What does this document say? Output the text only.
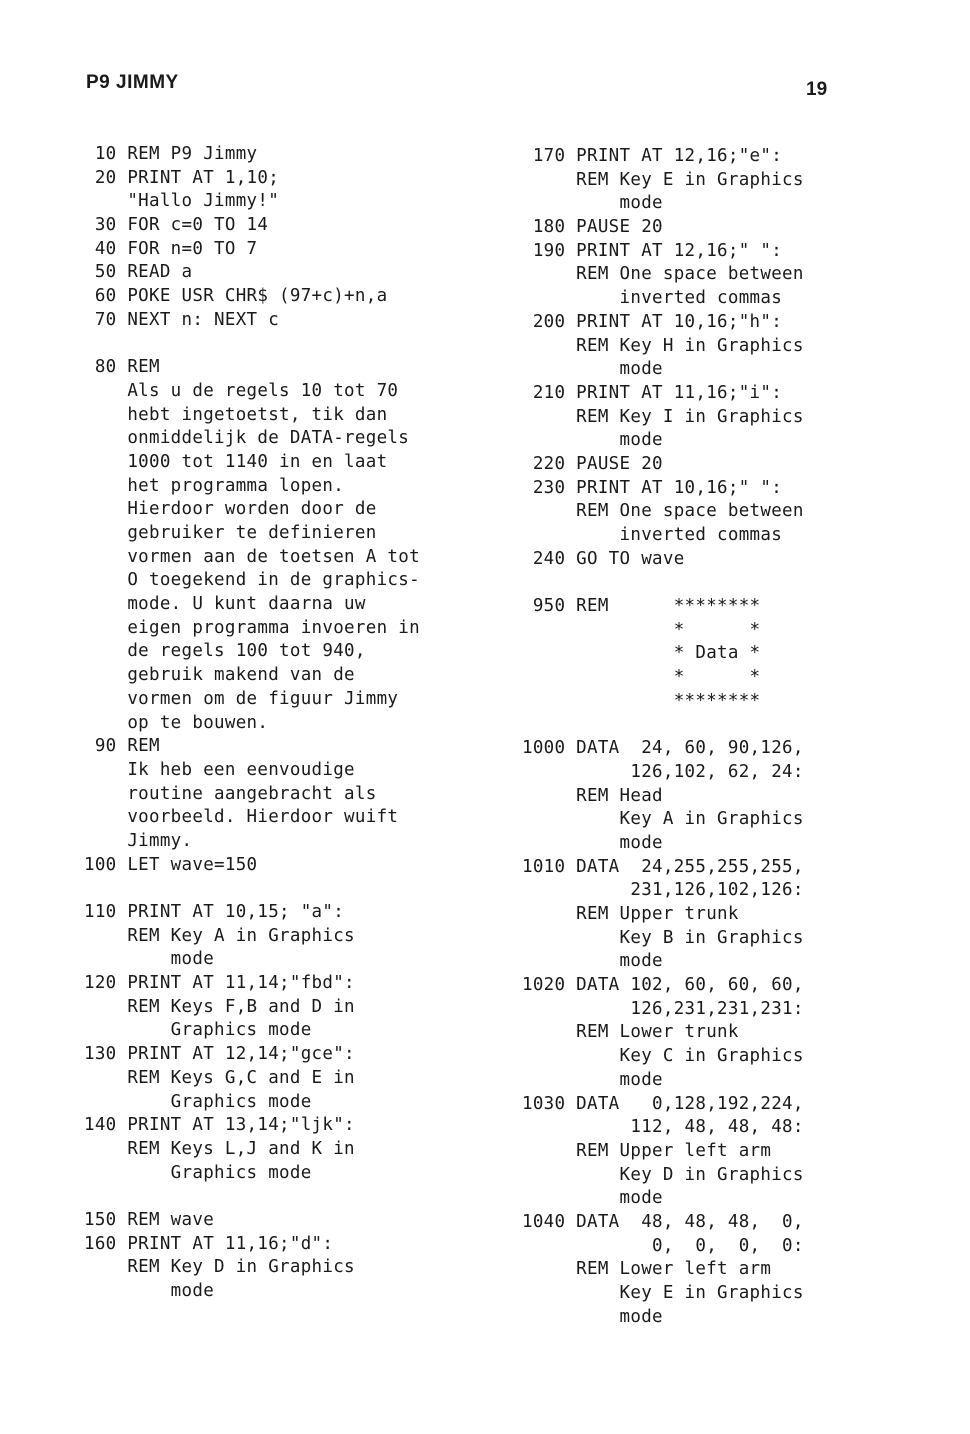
P9 JIMMY	19
10 REM P9 Jimmy
20 PRINT AT 1,10;
"Hallo Jimmy!"
30 FOR c=0 TO 14
40 FOR n=0 TO 7
50 READ a
60 POKE USR CHR$ (97+c)+n,a
70 NEXT n: NEXT c
80 REM
Als u de regels 10 tot 70
hebt ingetoetst, tik dan
onmiddelijk de DATA-regels
1000 tot 1140 in en laat
het programma lopen.
Hierdoor worden door de
gebruiker te definieren
vormen aan de toetsen A tot
O toegekend in de graphics-
mode. U kunt daarna uw
eigen programma invoeren in
de regels 100 tot 940,
gebruik makend van de
vormen om de figuur Jimmy
op te bouwen.
90 REM
Ik heb een eenvoudige
routine aangebracht als
voorbeeld. Hierdoor wuift
Jimmy.
100 LET wave=150
110 PRINT AT 10,15; "a":
REM Key A in Graphics
mode
120 PRINT AT 11,14;"fbd":
REM Keys F,B and D in
Graphics mode
130 PRINT AT 12,14;"gce":
REM Keys G,C and E in
Graphics mode
140 PRINT AT 13,14;"ljk":
REM Keys L,J and K in
Graphics mode
150 REM wave
160 PRINT AT 11,16;"d":
REM Key D in Graphics
mode
170 PRINT AT 12,16;"e":
REM Key E in Graphics
mode
180 PAUSE 20
190 PRINT AT 12,16;" ":
REM One space between
inverted commas
200 PRINT AT 10,16;"h":
REM Key H in Graphics
mode
210 PRINT AT 11,16;"i":
REM Key I in Graphics
mode
220 PAUSE 20
230 PRINT AT 10,16;" ":
REM One space between
inverted commas
240 GO TO wave
950 REM      ********
*      *
* Data *
*      *
********
1000 DATA  24, 60, 90,126,
126,102, 62, 24:
REM Head
Key A in Graphics
mode
1010 DATA  24,255,255,255,
231,126,102,126:
REM Upper trunk
Key B in Graphics
mode
1020 DATA 102, 60, 60, 60,
126,231,231,231:
REM Lower trunk
Key C in Graphics
mode
1030 DATA   0,128,192,224,
112, 48, 48, 48:
REM Upper left arm
Key D in Graphics
mode
1040 DATA  48, 48, 48,  0,
0,  0,  0,  0:
REM Lower left arm
Key E in Graphics
mode
